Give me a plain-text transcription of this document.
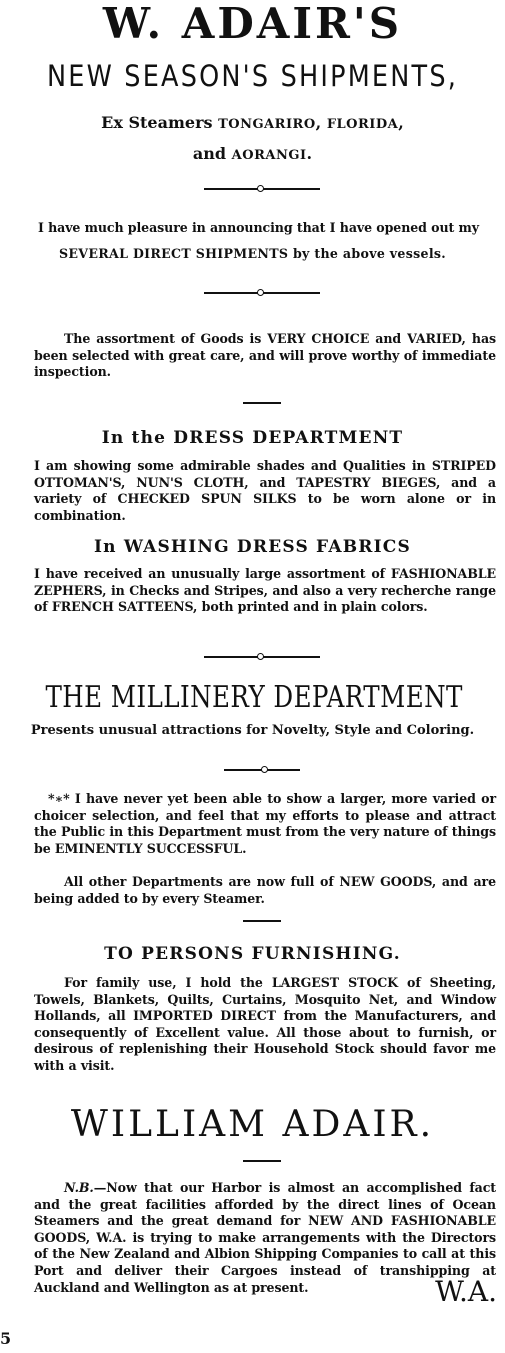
W. ADAIR'S
NEW SEASON'S SHIPMENTS,
Ex Steamers TONGARIRO, FLORIDA,
and AORANGI.

I have much pleasure in announcing that I have opened out my

SEVERAL DIRECT SHIPMENTS by the above vessels.

The assortment of Goods is VERY CHOICE and VARIED, has been selected with great care, and will prove worthy of immediate inspection.

In the DRESS DEPARTMENT

I am showing some admirable shades and Qualities in STRIPED OTTOMAN'S, NUN'S CLOTH, and TAPESTRY BIEGES, and a variety of CHECKED SPUN SILKS to be worn alone or in combination.

In WASHING DRESS FABRICS

I have received an unusually large assortment of FASHIONABLE ZEPHERS, in Checks and Stripes, and also a very recherche range of FRENCH SATTEENS, both printed and in plain colors.

THE MILLINERY DEPARTMENT
Presents unusual attractions for Novelty, Style and Coloring.

*∗* I have never yet been able to show a larger, more varied or choicer selection, and feel that my efforts to please and attract the Public in this Department must from the very nature of things be EMINENTLY SUCCESSFUL.

All other Departments are now full of NEW GOODS, and are being added to by every Steamer.

TO PERSONS FURNISHING.

For family use, I hold the LARGEST STOCK of Sheeting, Towels, Blankets, Quilts, Curtains, Mosquito Net, and Window Hollands, all IMPORTED DIRECT from the Manufacturers, and consequently of Excellent value. All those about to furnish, or desirous of replenishing their Household Stock should favor me with a visit.

WILLIAM ADAIR.

N.B.—Now that our Harbor is almost an accomplished fact and the great facilities afforded by the direct lines of Ocean Steamers and the great demand for NEW AND FASHIONABLE GOODS, W.A. is trying to make arrangements with the Directors of the New Zealand and Albion Shipping Companies to call at this Port and deliver their Cargoes instead of transhipping at Auckland and Wellington as at present.	W.A.
5
